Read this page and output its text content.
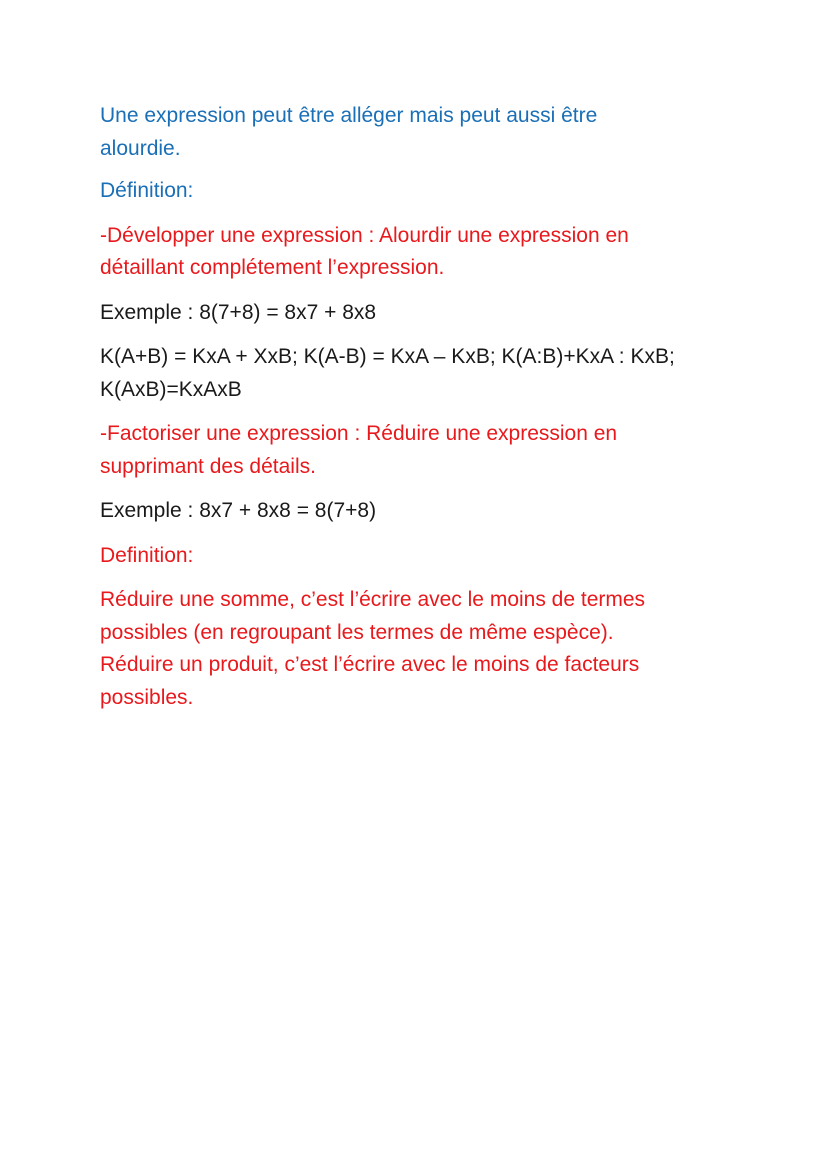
Une expression peut être alléger mais peut aussi être
alourdie.

Définition:

-Développer une expression : Alourdir une expression en
détaillant complétement l’expression.

Exemple : 8(7+8) = 8x7 + 8x8

K(A+B) = KxA + XxB; K(A-B) = KxA – KxB; K(A:B)+KxA : KxB;
K(AxB)=KxAxB

-Factoriser une expression : Réduire une expression en
supprimant des détails.

Exemple : 8x7 + 8x8 = 8(7+8)

Definition:

Réduire une somme, c’est l’écrire avec le moins de termes
possibles (en regroupant les termes de même espèce).
Réduire un produit, c’est l’écrire avec le moins de facteurs
possibles.
